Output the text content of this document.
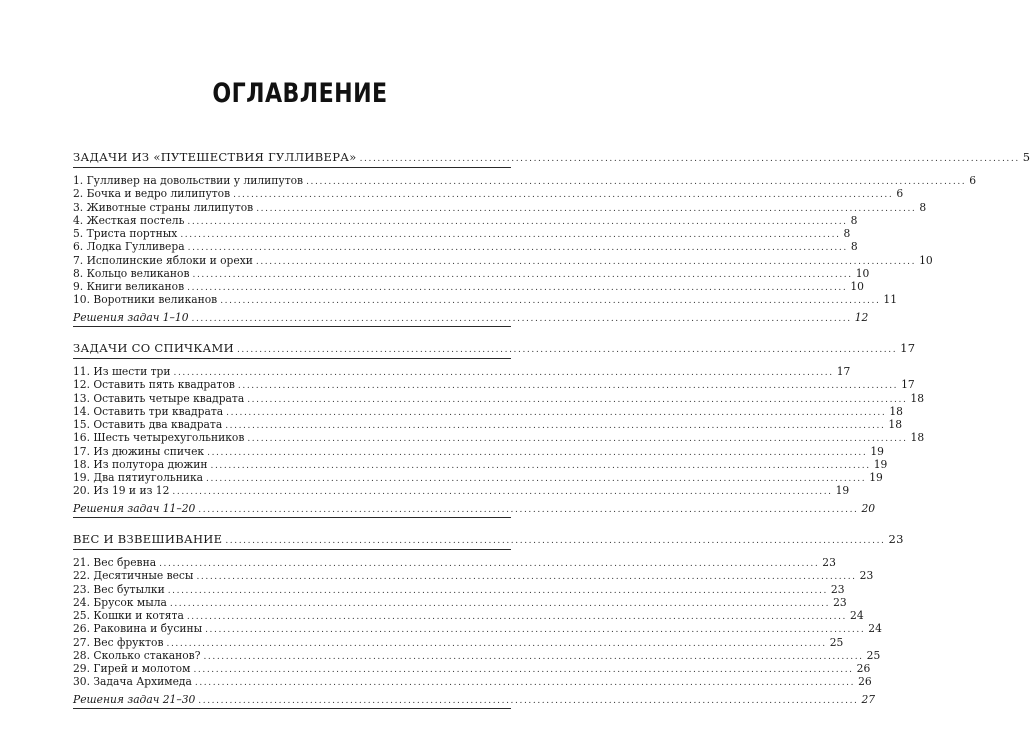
ОГЛАВЛЕНИЕ
ЗАДАЧИ ИЗ «ПУТЕШЕСТВИЯ ГУЛЛИВЕРА» .................................................................................................................................................... 5
1. Гулливер на довольствии у лилипутов .................................................................................................................................................... 6
2. Бочка и ведро лилипутов .................................................................................................................................................... 6
3. Животные страны лилипутов .................................................................................................................................................... 8
4. Жесткая постель .................................................................................................................................................... 8
5. Триста портных .................................................................................................................................................... 8
6. Лодка Гулливера .................................................................................................................................................... 8
7. Исполинские яблоки и орехи .................................................................................................................................................... 10
8. Кольцо великанов .................................................................................................................................................... 10
9. Книги великанов .................................................................................................................................................... 10
10. Воротники великанов .................................................................................................................................................... 11
Решения задач 1–10 .................................................................................................................................................... 12
ЗАДАЧИ СО СПИЧКАМИ .................................................................................................................................................... 17
11. Из шести три .................................................................................................................................................... 17
12. Оставить пять квадратов .................................................................................................................................................... 17
13. Оставить четыре квадрата .................................................................................................................................................... 18
14. Оставить три квадрата .................................................................................................................................................... 18
15. Оставить два квадрата .................................................................................................................................................... 18
16. Шесть четырехугольников .................................................................................................................................................... 18
17. Из дюжины спичек .................................................................................................................................................... 19
18. Из полутора дюжин .................................................................................................................................................... 19
19. Два пятиугольника .................................................................................................................................................... 19
20. Из 19 и из 12 .................................................................................................................................................... 19
Решения задач 11–20 .................................................................................................................................................... 20
ВЕС И ВЗВЕШИВАНИЕ .................................................................................................................................................... 23
21. Вес бревна .................................................................................................................................................... 23
22. Десятичные весы .................................................................................................................................................... 23
23. Вес бутылки .................................................................................................................................................... 23
24. Брусок мыла .................................................................................................................................................... 23
25. Кошки и котята .................................................................................................................................................... 24
26. Раковина и бусины .................................................................................................................................................... 24
27. Вес фруктов .................................................................................................................................................... 25
28. Сколько стаканов? .................................................................................................................................................... 25
29. Гирей и молотом .................................................................................................................................................... 26
30. Задача Архимеда .................................................................................................................................................... 26
Решения задач 21–30 .................................................................................................................................................... 27
